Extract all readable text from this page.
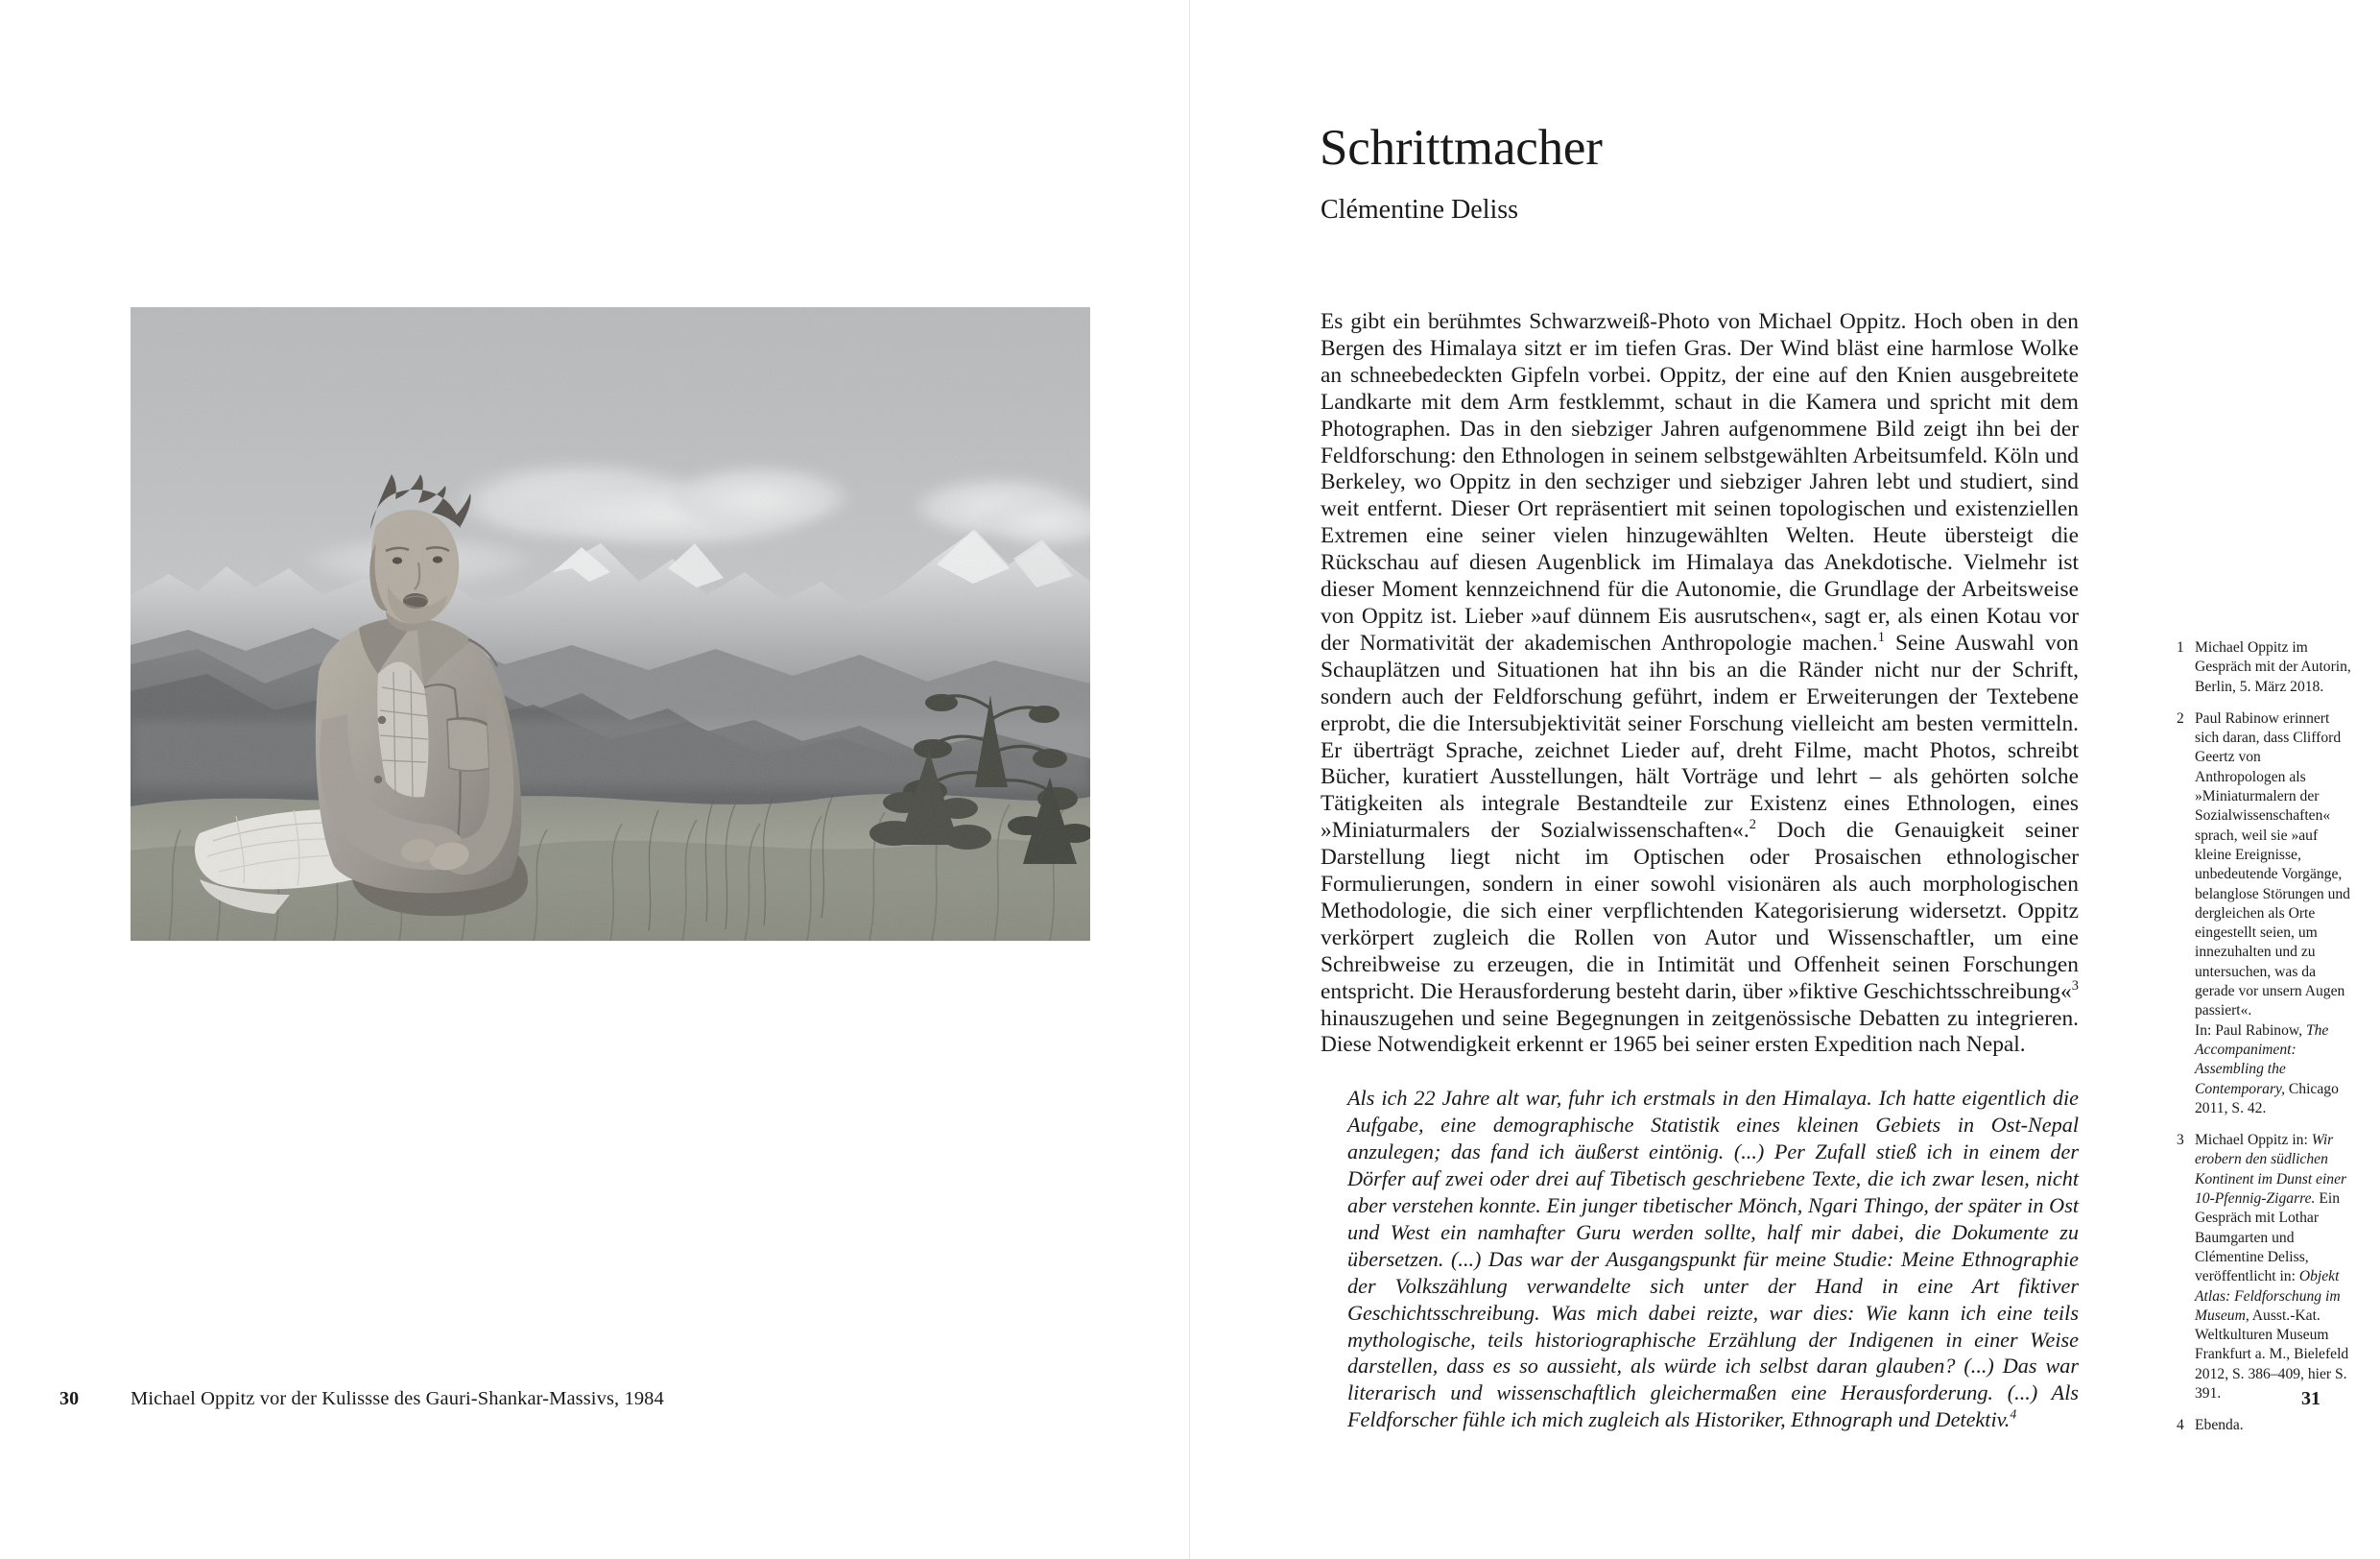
30	Michael Oppitz vor der Kulissse des Gauri-Shankar-Massivs, 1984
Schrittmacher
Clémentine Deliss

Es gibt ein berühmtes Schwarzweiß-Photo von Michael Oppitz. Hoch oben in den Bergen des Himalaya sitzt er im tiefen Gras. Der Wind bläst eine harmlose Wolke an schneebedeckten Gipfeln vorbei. Oppitz, der eine auf den Knien ausgebreitete Landkarte mit dem Arm festklemmt, schaut in die Kamera und spricht mit dem Photographen. Das in den siebziger Jahren aufgenommene Bild zeigt ihn bei der Feldforschung: den Ethnologen in seinem selbstgewählten Arbeitsumfeld. Köln und Berkeley, wo Oppitz in den sechziger und siebziger Jahren lebt und studiert, sind weit entfernt. Dieser Ort repräsentiert mit seinen topologischen und existenziellen Extremen eine seiner vielen hinzugewählten Welten. Heute übersteigt die Rückschau auf diesen Augenblick im Himalaya das Anekdotische. Vielmehr ist dieser Moment kennzeichnend für die Autonomie, die Grundlage der Arbeitsweise von Oppitz ist. Lieber »auf dünnem Eis ausrutschen«, sagt er, als einen Kotau vor der Normativität der akademischen Anthropologie machen.$^1$ Seine Auswahl von Schauplätzen und Situationen hat ihn bis an die Ränder nicht nur der Schrift, sondern auch der Feldforschung geführt, indem er Erweiterungen der Textebene erprobt, die die Intersubjektivität seiner Forschung vielleicht am besten vermitteln. Er überträgt Sprache, zeichnet Lieder auf, dreht Filme, macht Photos, schreibt Bücher, kuratiert Ausstellungen, hält Vorträge und lehrt – als gehörten solche Tätigkeiten als integrale Bestandteile zur Existenz eines Ethnologen, eines »Miniaturmalers der Sozialwissenschaften«.$^2$ Doch die Genauigkeit seiner Darstellung liegt nicht im Optischen oder Prosaischen ethnologischer Formulierungen, sondern in einer sowohl visionären als auch morphologischen Methodologie, die sich einer verpflichtenden Kategorisierung widersetzt. Oppitz verkörpert zugleich die Rollen von Autor und Wissenschaftler, um eine Schreibweise zu erzeugen, die in Intimität und Offenheit seinen Forschungen entspricht. Die Herausforderung besteht darin, über »fiktive Geschichtsschreibung«$^3$ hinauszugehen und seine Begegnungen in zeitgenössische Debatten zu integrieren. Diese Notwendigkeit erkennt er 1965 bei seiner ersten Expedition nach Nepal.

Als ich 22 Jahre alt war, fuhr ich erstmals in den Himalaya. Ich hatte eigentlich die Aufgabe, eine demographische Statistik eines kleinen Gebiets in Ost-Nepal anzulegen; das fand ich äußerst eintönig. (...) Per Zufall stieß ich in einem der Dörfer auf zwei oder drei auf Tibetisch geschriebene Texte, die ich zwar lesen, nicht aber verstehen konnte. Ein junger tibetischer Mönch, Ngari Thingo, der später in Ost und West ein namhafter Guru werden sollte, half mir dabei, die Dokumente zu übersetzen. (...) Das war der Ausgangspunkt für meine Studie: Meine Ethnographie der Volkszählung verwandelte sich unter der Hand in eine Art fiktiver Geschichtsschreibung. Was mich dabei reizte, war dies: Wie kann ich eine teils mythologische, teils historiographische Erzählung der Indigenen in einer Weise darstellen, dass es so aussieht, als würde ich selbst daran glauben? (...) Das war literarisch und wissenschaftlich gleichermaßen eine Herausforderung. (...) Als Feldforscher fühle ich mich zugleich als Historiker, Ethnograph und Detektiv.$^4$

1 Michael Oppitz im Gespräch mit der Autorin, Berlin, 5. März 2018.
2 Paul Rabinow erinnert sich daran, dass Clifford Geertz von Anthropologen als »Miniaturmalern der Sozialwissenschaften« sprach, weil sie »auf kleine Ereignisse, unbedeutende Vorgänge, belanglose Störungen und dergleichen als Orte eingestellt seien, um innezuhalten und zu untersuchen, was da gerade vor unsern Augen passiert«.
In: Paul Rabinow, The Accompaniment: Assembling the Contemporary, Chicago 2011, S. 42.
3 Michael Oppitz in: Wir erobern den südlichen Kontinent im Dunst einer 10-Pfennig-Zigarre. Ein Gespräch mit Lothar Baumgarten und Clémentine Deliss, veröffentlicht in: Objekt Atlas: Feldforschung im Museum, Ausst.-Kat. Weltkulturen Museum Frankfurt a. M., Bielefeld 2012, S. 386–409, hier S. 391.
4 Ebenda.
31
